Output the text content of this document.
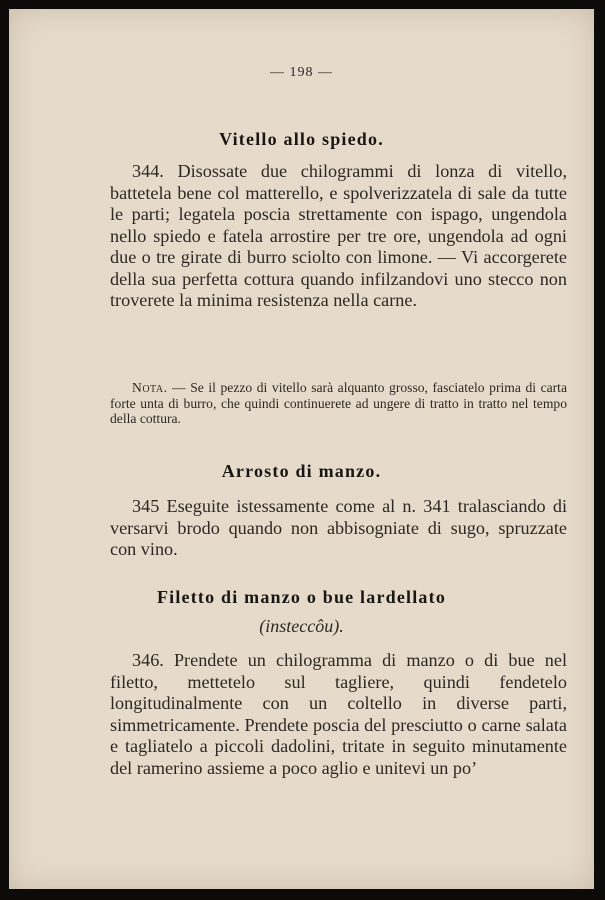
— 198 —
Vitello allo spiedo.
344. Disossate due chilogrammi di lonza di vitello, battetela bene col matterello, e spolverizzatela di sale da tutte le parti; legatela poscia strettamente con ispago, ungendola nello spiedo e fatela arrostire per tre ore, ungendola ad ogni due o tre girate di burro sciolto con limone. — Vi accorgerete della sua perfetta cottura quando infilzandovi uno stecco non troverete la minima resistenza nella carne.
Nota. — Se il pezzo di vitello sarà alquanto grosso, fasciatelo prima di carta forte unta di burro, che quindi continuerete ad ungere di tratto in tratto nel tempo della cottura.
Arrosto di manzo.
345 Eseguite istessamente come al n. 341 tralasciando di versarvi brodo quando non abbisogniate di sugo, spruzzate con vino.
Filetto di manzo o bue lardellato
(insteccôu).
346. Prendete un chilogramma di manzo o di bue nel filetto, mettetelo sul tagliere, quindi fendetelo longitudinalmente con un coltello in diverse parti, simmetricamente. Prendete poscia del presciutto o carne salata e tagliatelo a piccoli dadolini, tritate in seguito minutamente del ramerino assieme a poco aglio e unitevi un po’
